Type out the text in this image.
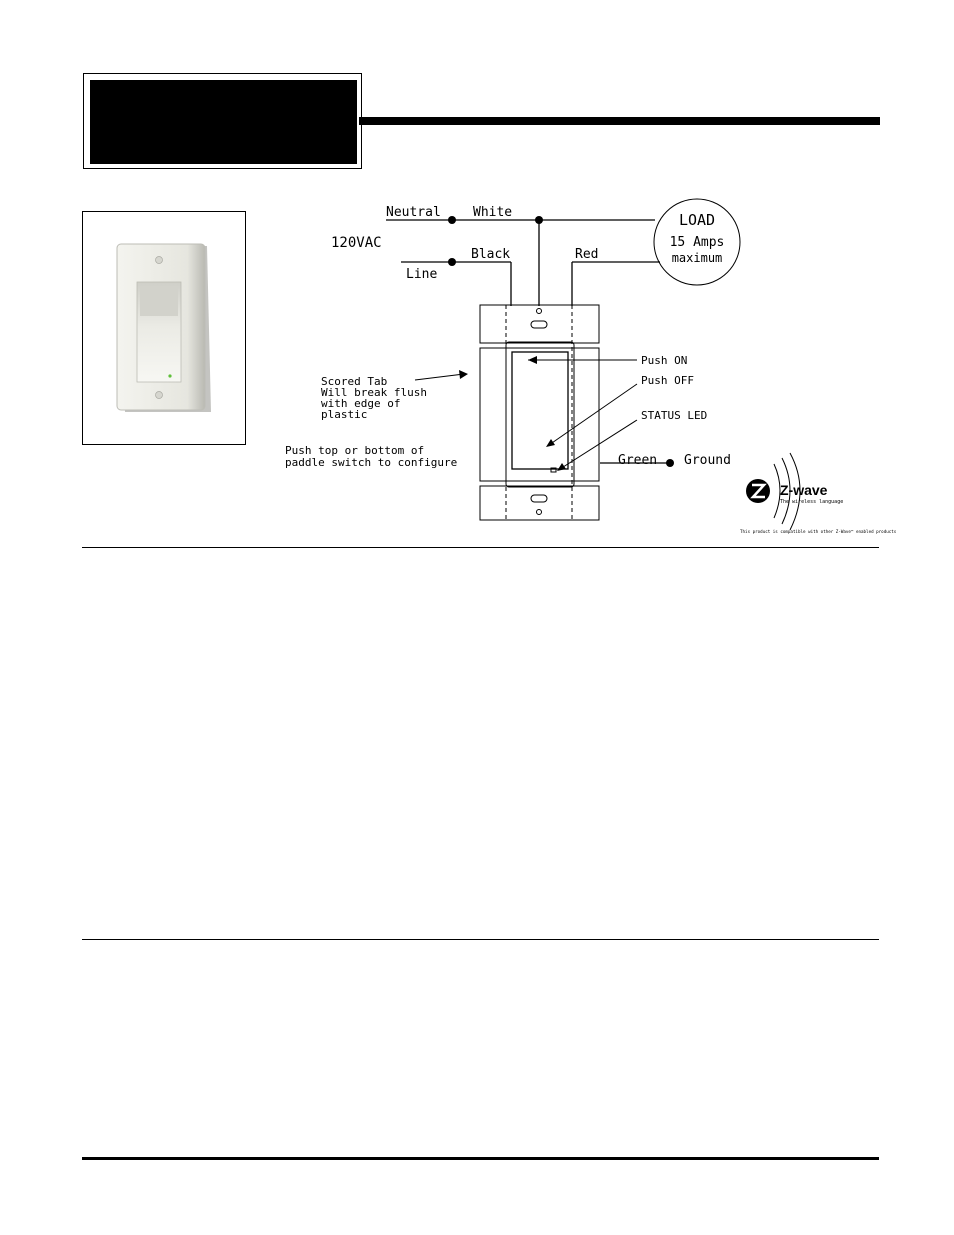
LOAD
15 Amps
maximum
Neutral White
120VAC
Black	Red
Line
Green Ground
Push ON
Push OFF
STATUS LED
Scored Tab Will break flush with edge of plastic
Push top or bottom of paddle switch to configure
Z-wave
The wireless language
This product is compatible with other Z-Wave™ enabled products
